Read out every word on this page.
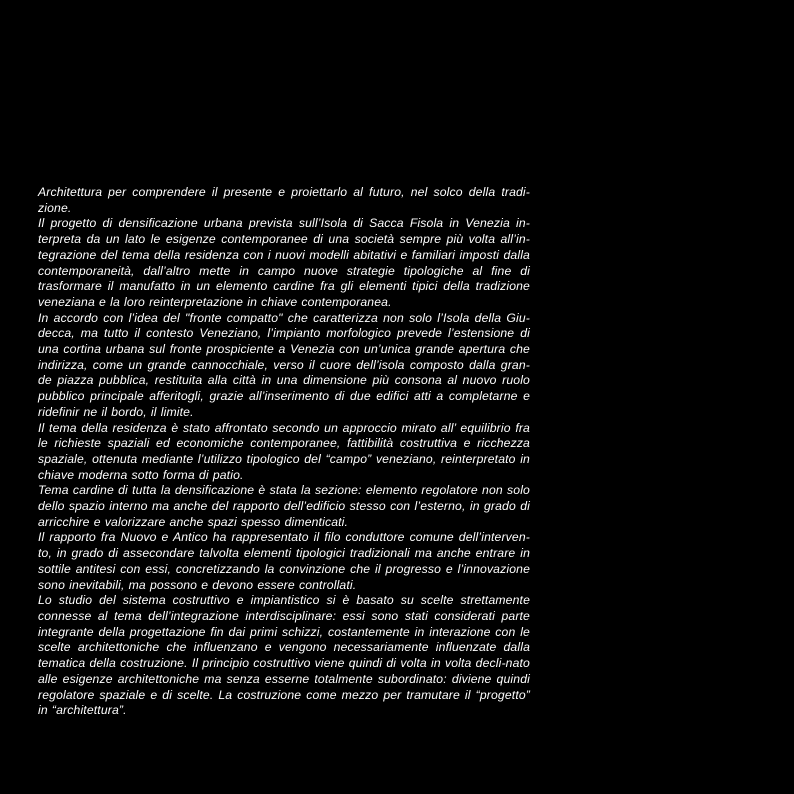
Architettura per comprendere il presente e proiettarlo al futuro, nel solco della tradi-zione.

Il progetto di densificazione urbana prevista sull’Isola di Sacca Fisola in Venezia in-terpreta da un lato le esigenze contemporanee di una società sempre più volta all’in-tegrazione del tema della residenza con i nuovi modelli abitativi e familiari imposti dalla contemporaneità, dall’altro mette in campo nuove strategie tipologiche al fine di trasformare il manufatto in un elemento cardine fra gli elementi tipici della tradizione veneziana e la loro reinterpretazione in chiave contemporanea.

In accordo con l’idea del "fronte compatto" che caratterizza non solo l’Isola della Giu-decca, ma tutto il contesto Veneziano, l’impianto morfologico prevede l’estensione di una cortina urbana sul fronte prospiciente a Venezia con un’unica grande apertura che indirizza, come un grande cannocchiale, verso il cuore dell’isola composto dalla gran-de piazza pubblica, restituita alla città in una dimensione più consona al nuovo ruolo pubblico principale afferitogli, grazie all’inserimento di due edifici atti a completarne e ridefinir ne il bordo, il limite.

Il tema della residenza è stato affrontato secondo un approccio mirato all’ equilibrio fra le richieste spaziali ed economiche contemporanee, fattibilità costruttiva e ricchezza spaziale, ottenuta mediante l’utilizzo tipologico del “campo” veneziano, reinterpretato in chiave moderna sotto forma di patio.

Tema cardine di tutta la densificazione è stata la sezione: elemento regolatore non solo dello spazio interno ma anche del rapporto dell’edificio stesso con l’esterno, in grado di arricchire e valorizzare anche spazi spesso dimenticati.

Il rapporto fra Nuovo e Antico ha rappresentato il filo conduttore comune dell’interven-to, in grado di assecondare talvolta elementi tipologici tradizionali ma anche entrare in sottile antitesi con essi, concretizzando la convinzione che il progresso e l’innovazione sono inevitabili, ma possono e devono essere controllati.

Lo studio del sistema costruttivo e impiantistico si è basato su scelte strettamente connesse al tema dell’integrazione interdisciplinare: essi sono stati considerati parte integrante della progettazione fin dai primi schizzi, costantemente in interazione con le scelte architettoniche che influenzano e vengono necessariamente influenzate dalla tematica della costruzione. Il principio costruttivo viene quindi di volta in volta decli-nato alle esigenze architettoniche ma senza esserne totalmente subordinato: diviene quindi regolatore spaziale e di scelte. La costruzione come mezzo per tramutare il “progetto” in “architettura”.
